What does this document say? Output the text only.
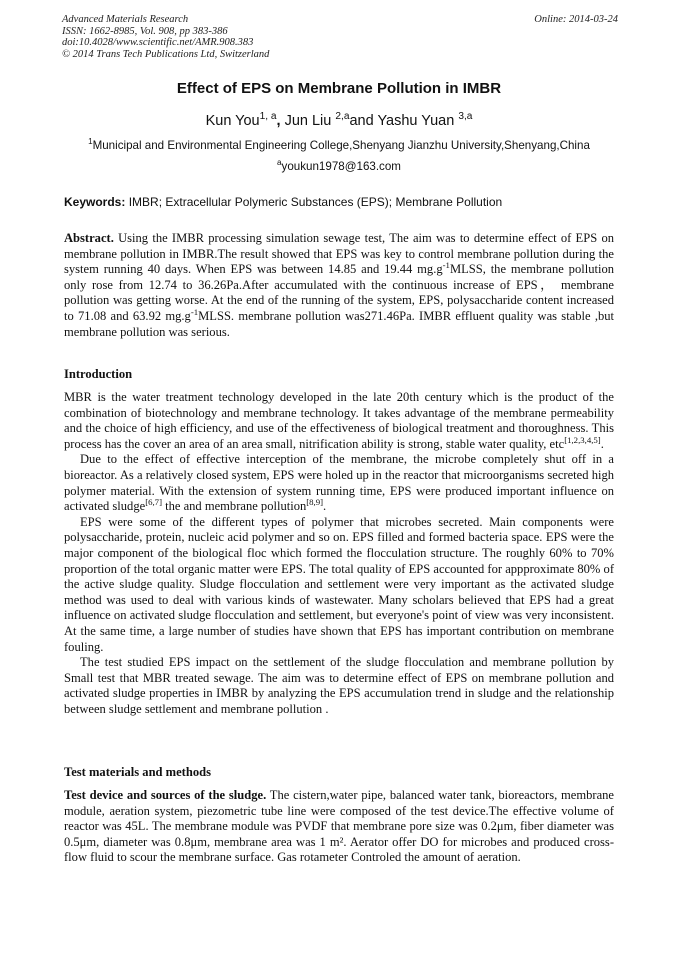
Advanced Materials Research
ISSN: 1662-8985, Vol. 908, pp 383-386
doi:10.4028/www.scientific.net/AMR.908.383
© 2014 Trans Tech Publications Ltd, Switzerland
Online: 2014-03-24
Effect of EPS on Membrane Pollution in IMBR
Kun You$^{1, a}$, Jun Liu $^{2,a}$and Yashu Yuan $^{3,a}$
$^1$Municipal and Environmental Engineering College,Shenyang Jianzhu University,Shenyang,China
$^a$youkun1978@163.com
Keywords: IMBR; Extracellular Polymeric Substances (EPS); Membrane Pollution

Abstract. Using the IMBR processing simulation sewage test, The aim was to determine effect of EPS on membrane pollution in IMBR.The result showed that EPS was key to control membrane pollution during the system running 40 days. When EPS was between 14.85 and 19.44 $mg.g^{-1}MLSS$, the membrane pollution only rose from 12.74 to 36.26Pa.After accumulated with the continuous increase of EPS， membrane pollution was getting worse. At the end of the running of the system, EPS, polysaccharide content increased to 71.08 and 63.92 $mg.g^{-1}MLSS$. membrane pollution was271.46Pa. IMBR effluent quality was stable ,but membrane pollution was serious.

Introduction

MBR is the water treatment technology developed in the late 20th century which is the product of the combination of biotechnology and membrane technology. It takes advantage of the membrane permeability and the choice of high efficiency, and use of the effectiveness of biological treatment and thoroughness. This process has the cover an area of an area small, nitrification ability is strong, stable water quality, etc[1,2,3,4,5].

Due to the effect of effective interception of the membrane, the microbe completely shut off in a bioreactor. As a relatively closed system, EPS were holed up in the reactor that microorganisms secreted high polymer material. With the extension of system running time, EPS were produced important influence on activated sludge[6,7] the and membrane pollution[8,9].

EPS were some of the different types of polymer that microbes secreted. Main components were polysaccharide, protein, nucleic acid polymer and so on. EPS filled and formed bacteria space. EPS were the major component of the biological floc which formed the flocculation structure. The roughly 60% to 70% proportion of the total organic matter were EPS. The total quality of EPS accounted for appproximate 80% of the active sludge quality. Sludge flocculation and settlement were very important as the activated sludge method was used to deal with various kinds of wastewater. Many scholars believed that EPS had a great influence on activated sludge flocculation and settlement, but everyone's point of view was very inconsistent. At the same time, a large number of studies have shown that EPS has important contribution on membrane fouling.

The test studied EPS impact on the settlement of the sludge flocculation and membrane pollution by Small test that MBR treated sewage. The aim was to determine effect of EPS on membrane pollution and activated sludge properties in IMBR by analyzing the EPS accumulation trend in sludge and the relationship between sludge settlement and membrane pollution .

Test materials and methods

Test device and sources of the sludge. The cistern,water pipe, balanced water tank, bioreactors, membrane module, aeration system, piezometric tube line were composed of the test device.The effective volume of reactor was 45L. The membrane module was PVDF that membrane pore size was 0.2μm, fiber diameter was 0.5μm, diameter was 0.8μm, membrane area was 1 m². Aerator offer DO for microbes and produced cross-flow fluid to scour the membrane surface. Gas rotameter Controled the amount of aeration.
